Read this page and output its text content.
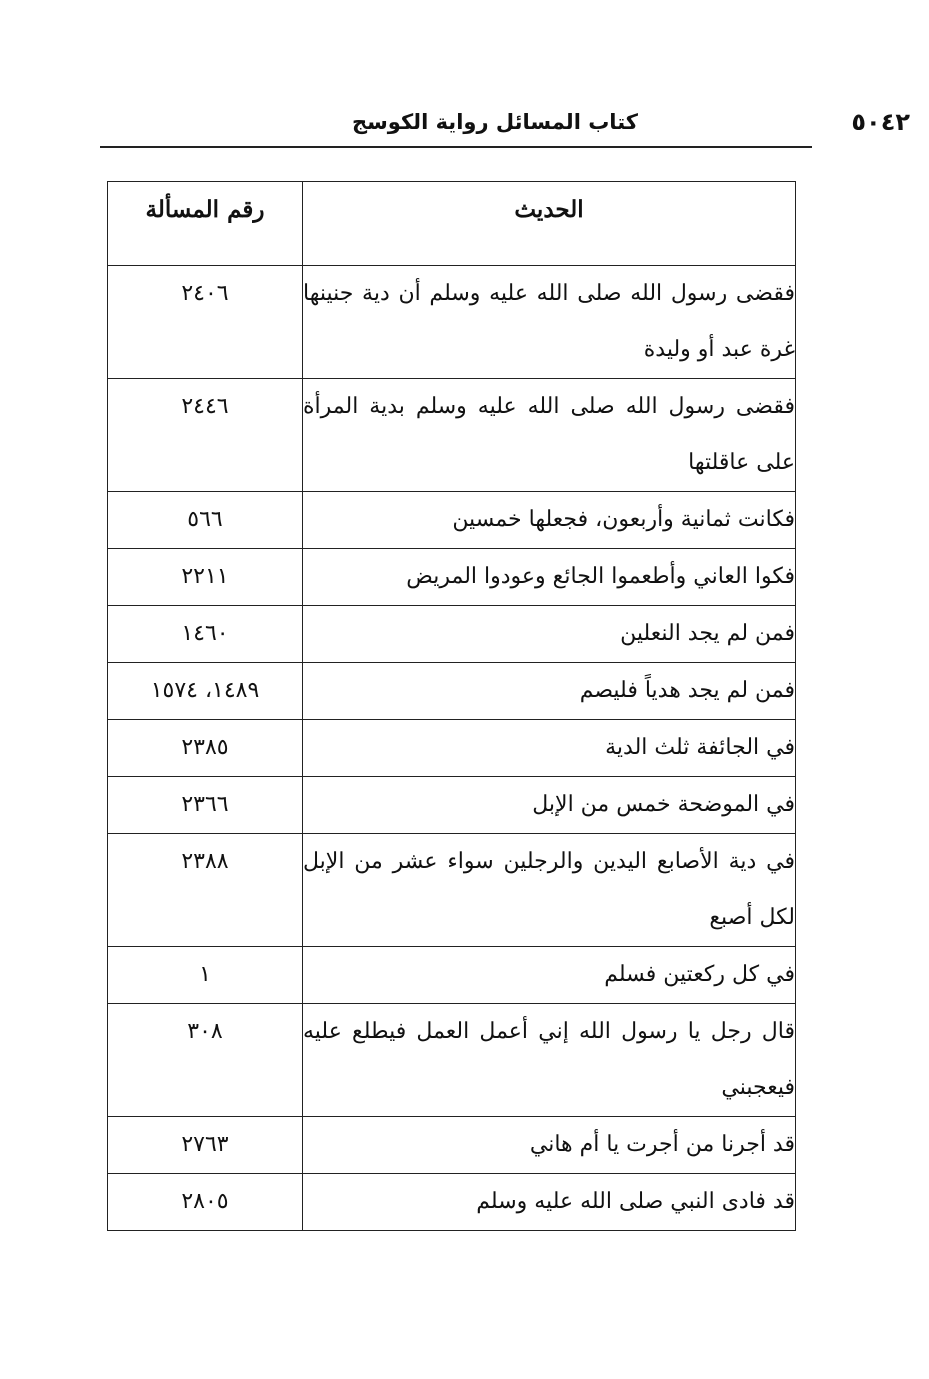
٥٠٤٢
كتاب المسائل رواية الكوسج
الحديث	رقم المسألة
فقضى رسول الله صلى الله عليه وسلم أن دية جنينها غرة عبد أو وليدة	٢٤٠٦
فقضى رسول الله صلى الله عليه وسلم بدية المرأة على عاقلتها	٢٤٤٦
فكانت ثمانية وأربعون، فجعلها خمسين	٥٦٦
فكوا العاني وأطعموا الجائع وعودوا المريض	٢٢١١
فمن لم يجد النعلين	١٤٦٠
فمن لم يجد هدياً فليصم	١٤٨٩، ١٥٧٤
في الجائفة ثلث الدية	٢٣٨٥
في الموضحة خمس من الإبل	٢٣٦٦
في دية الأصابع اليدين والرجلين سواء عشر من الإبل لكل أصبع	٢٣٨٨
في كل ركعتين فسلم	١
قال رجل يا رسول الله إني أعمل العمل فيطلع عليه فيعجبني	٣٠٨
قد أجرنا من أجرت يا أم هاني	٢٧٦٣
قد فادى النبي صلى الله عليه وسلم	٢٨٠٥
